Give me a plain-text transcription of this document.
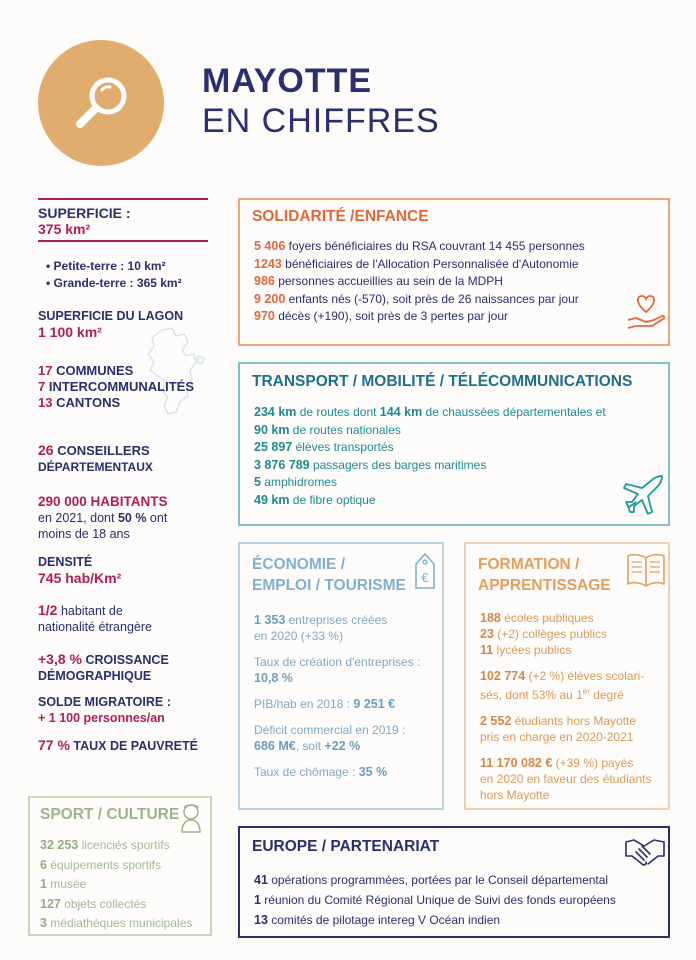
MAYOTTE
EN CHIFFRES
SUPERFICIE :
375 km²
• Petite-terre : 10 km²
• Grande-terre : 365 km²
SUPERFICIE DU LAGON
1 100 km²
17 COMMUNES
7 INTERCOMMUNALITÉS
13 CANTONS
26 CONSEILLERS
DÉPARTEMENTAUX
290 000 HABITANTS
en 2021, dont 50 % ont
moins de 18 ans
DENSITÉ
745 hab/Km²
1/2 habitant de
nationalité étrangère
+3,8 % CROISSANCE
DÉMOGRAPHIQUE
SOLDE MIGRATOIRE :
+ 1 100 personnes/an
77 % TAUX DE PAUVRETÉ
SOLIDARITÉ /ENFANCE
5 406 foyers bénéficiaires du RSA couvrant 14 455 personnes
1243 bénéficiaires de l'Allocation Personnalisée d'Autonomie
986 personnes accueillies au sein de la MDPH
9 200 enfants nés (-570), soit près de 26 naissances par jour
970 décès (+190), soit près de 3 pertes par jour
TRANSPORT / MOBILITÉ / TÉLÉCOMMUNICATIONS
234 km de routes dont 144 km de chaussées départementales et
90 km de routes nationales
25 897 élèves transportés
3 876 789 passagers des barges maritimes
5 amphidromes
49 km de fibre optique
ÉCONOMIE /
EMPLOI / TOURISME €
1 353 entreprises créées
en 2020 (+33 %)
Taux de création d'entreprises :
10,8 %
PIB/hab en 2018 : 9 251 €
Déficit commercial en 2019 :
686 M€, soit +22 %
Taux de chômage : 35 %
FORMATION /
APPRENTISSAGE
188 écoles publiques
23 (+2) collèges publics
11 lycées publics
102 774 (+2 %) élèves scolari-
sés, dont 53% au 1er degré
2 552 étudiants hors Mayotte
pris en charge en 2020-2021
11 170 082 € (+39 %) payés
en 2020 en faveur des étudiants
hors Mayotte
SPORT / CULTURE
32 253 licenciés sportifs
6 équipements sportifs
1 musée
127 objets collectés
3 médiathèques municipales
EUROPE / PARTENARIAT
41 opérations programmées, portées par le Conseil départemental
1 réunion du Comité Régional Unique de Suivi des fonds européens
13 comités de pilotage intereg V Océan indien
